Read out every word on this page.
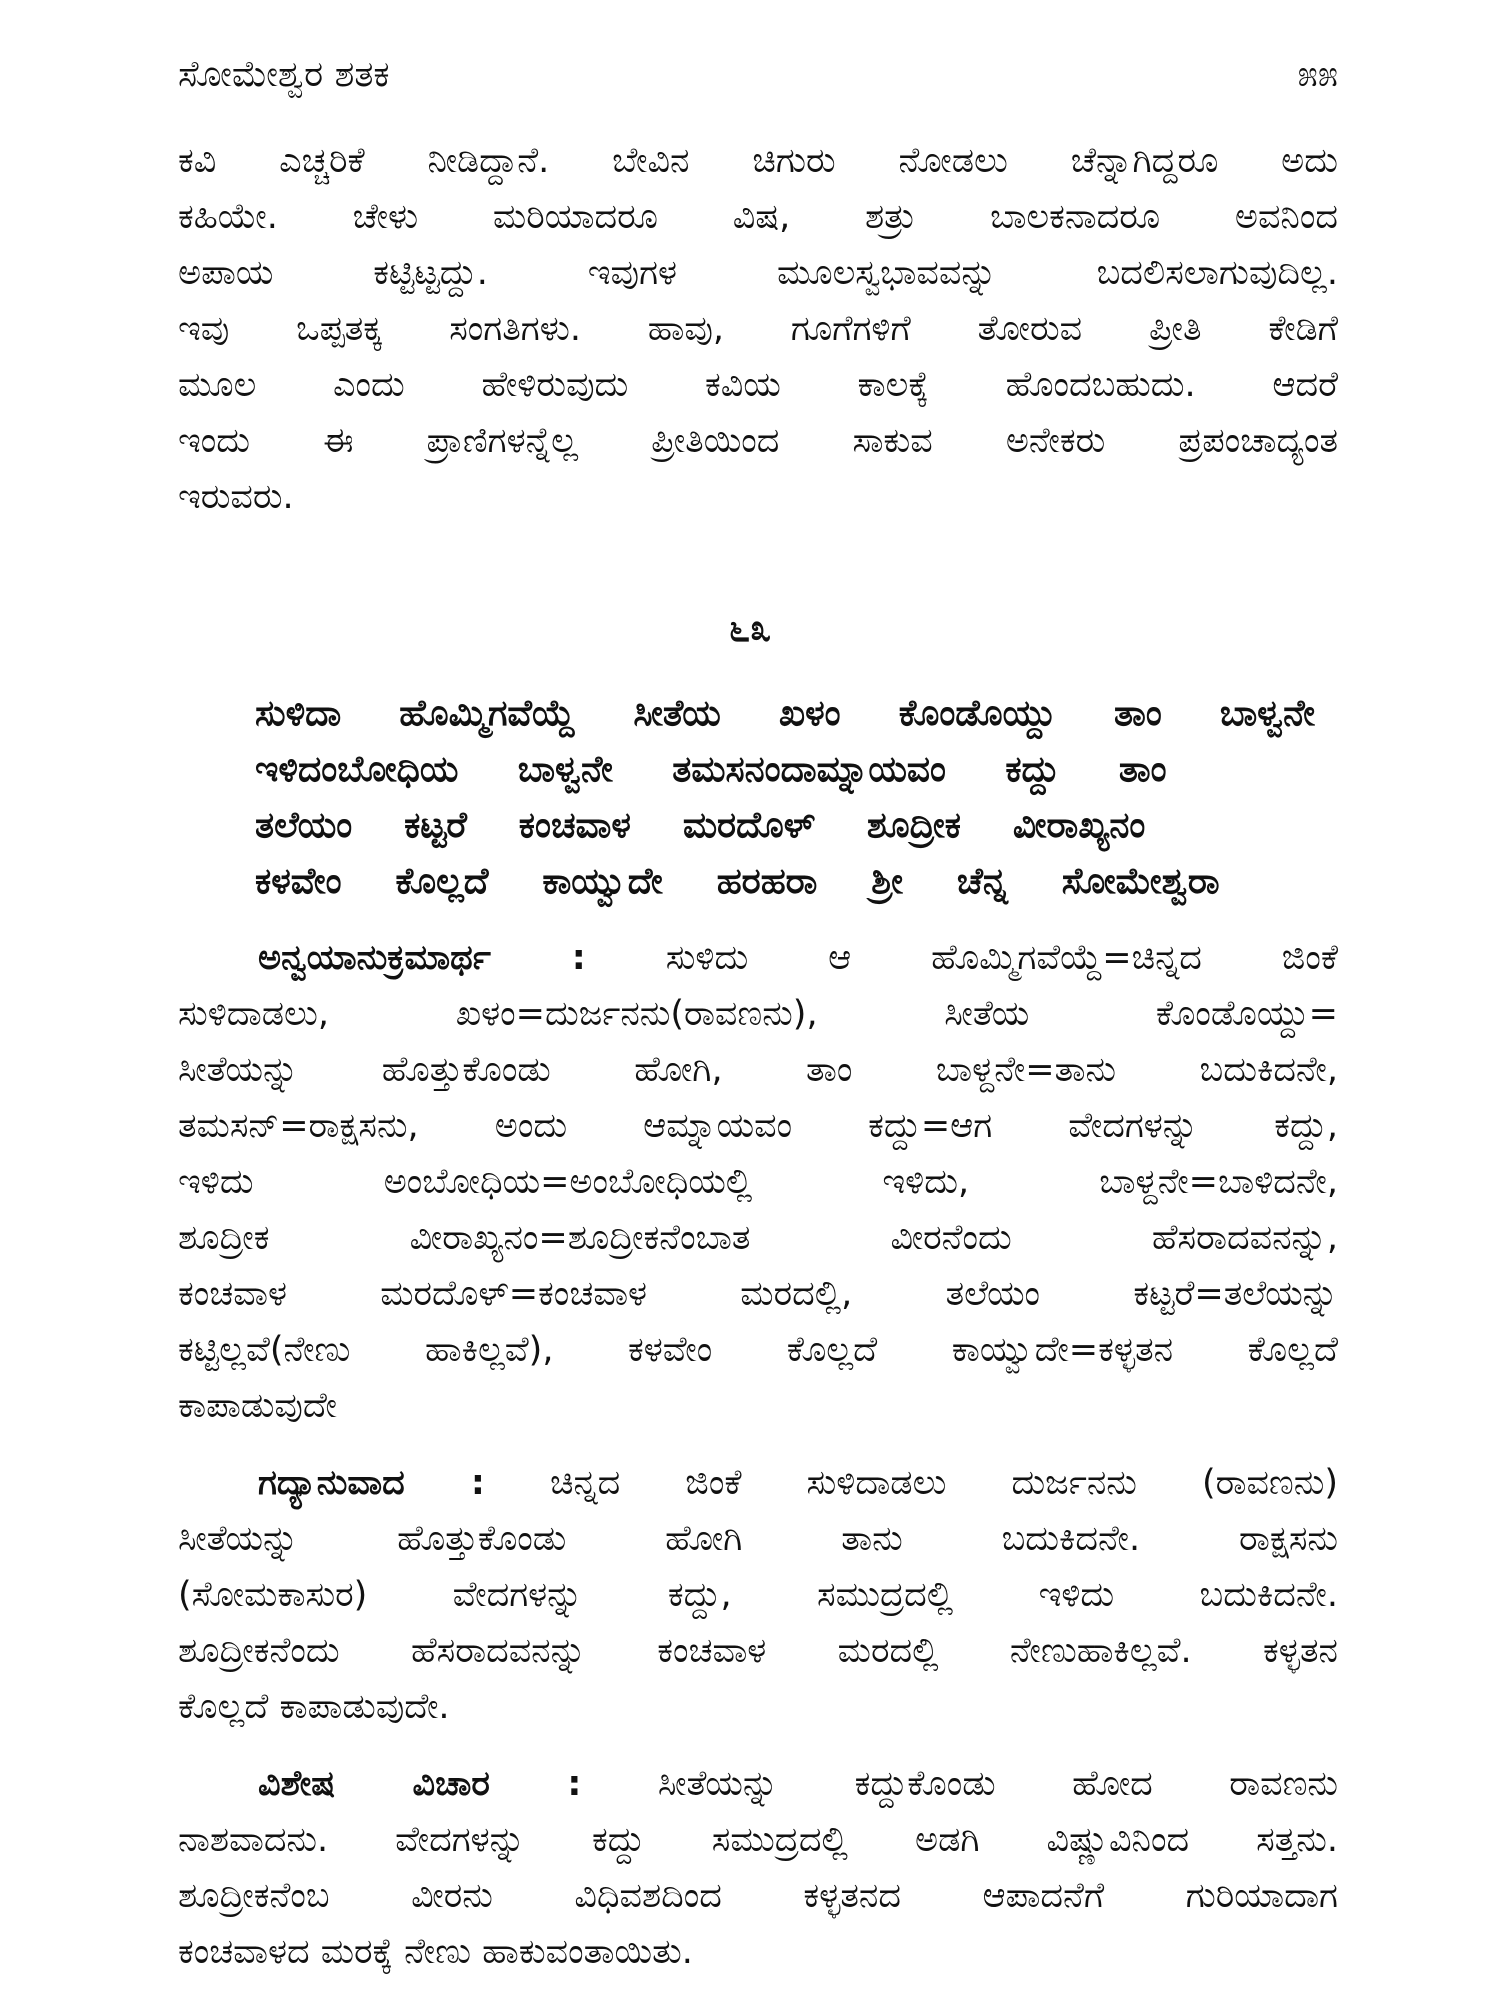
ಸೋಮೇಶ್ವರ ಶತಕ	೫೫
ಕವಿ ಎಚ್ಚರಿಕೆ ನೀಡಿದ್ದಾನೆ. ಬೇವಿನ ಚಿಗುರು ನೋಡಲು ಚೆನ್ನಾಗಿದ್ದರೂ ಅದು
ಕಹಿಯೇ. ಚೇಳು ಮರಿಯಾದರೂ ವಿಷ, ಶತ್ರು ಬಾಲಕನಾದರೂ ಅವನಿಂದ
ಅಪಾಯ ಕಟ್ಟಿಟ್ಟದ್ದು. ಇವುಗಳ ಮೂಲಸ್ವಭಾವವನ್ನು ಬದಲಿಸಲಾಗುವುದಿಲ್ಲ.
ಇವು ಒಪ್ಪತಕ್ಕ ಸಂಗತಿಗಳು. ಹಾವು, ಗೂಗೆಗಳಿಗೆ ತೋರುವ ಪ್ರೀತಿ ಕೇಡಿಗೆ
ಮೂಲ ಎಂದು ಹೇಳಿರುವುದು ಕವಿಯ ಕಾಲಕ್ಕೆ ಹೊಂದಬಹುದು. ಆದರೆ
ಇಂದು ಈ ಪ್ರಾಣಿಗಳನ್ನೆಲ್ಲ ಪ್ರೀತಿಯಿಂದ ಸಾಕುವ ಅನೇಕರು ಪ್ರಪಂಚಾದ್ಯಂತ
ಇರುವರು.
೬೩
ಸುಳಿದಾ ಹೊಮ್ಮಿಗವೆಯ್ದೆ ಸೀತೆಯ ಖಳಂ ಕೊಂಡೊಯ್ದು ತಾಂ ಬಾಳ್ವನೇ
ಇಳಿದಂಬೋಧಿಯ ಬಾಳ್ವನೇ ತಮಸನಂದಾಮ್ನಾಯವಂ ಕದ್ದು ತಾಂ
ತಲೆಯಂ ಕಟ್ಟರೆ ಕಂಚವಾಳ ಮರದೊಳ್ ಶೂದ್ರೀಕ ವೀರಾಖ್ಯನಂ
ಕಳವೇಂ ಕೊಲ್ಲದೆ ಕಾಯ್ವುದೇ ಹರಹರಾ ಶ್ರೀ ಚೆನ್ನ ಸೋಮೇಶ್ವರಾ
ಅನ್ವಯಾನುಕ್ರಮಾರ್ಥ : ಸುಳಿದು ಆ ಹೊಮ್ಮಿಗವೆಯ್ದೆ=ಚಿನ್ನದ ಜಿಂಕೆ
ಸುಳಿದಾಡಲು, ಖಳಂ=ದುರ್ಜನನು(ರಾವಣನು), ಸೀತೆಯ ಕೊಂಡೊಯ್ದು=
ಸೀತೆಯನ್ನು ಹೊತ್ತುಕೊಂಡು ಹೋಗಿ, ತಾಂ ಬಾಳ್ದನೇ=ತಾನು ಬದುಕಿದನೇ,
ತಮಸನ್=ರಾಕ್ಷಸನು, ಅಂದು ಆಮ್ನಾಯವಂ ಕದ್ದು=ಆಗ ವೇದಗಳನ್ನು ಕದ್ದು,
ಇಳಿದು ಅಂಬೋಧಿಯ=ಅಂಬೋಧಿಯಲ್ಲಿ ಇಳಿದು, ಬಾಳ್ದನೇ=ಬಾಳಿದನೇ,
ಶೂದ್ರೀಕ ವೀರಾಖ್ಯನಂ=ಶೂದ್ರೀಕನೆಂಬಾತ ವೀರನೆಂದು ಹೆಸರಾದವನನ್ನು,
ಕಂಚವಾಳ ಮರದೊಳ್=ಕಂಚವಾಳ ಮರದಲ್ಲಿ, ತಲೆಯಂ ಕಟ್ಟರೆ=ತಲೆಯನ್ನು
ಕಟ್ಟಿಲ್ಲವೆ(ನೇಣು ಹಾಕಿಲ್ಲವೆ), ಕಳವೇಂ ಕೊಲ್ಲದೆ ಕಾಯ್ವುದೇ=ಕಳ್ಳತನ ಕೊಲ್ಲದೆ
ಕಾಪಾಡುವುದೇ
ಗದ್ಯಾನುವಾದ : ಚಿನ್ನದ ಜಿಂಕೆ ಸುಳಿದಾಡಲು ದುರ್ಜನನು (ರಾವಣನು)
ಸೀತೆಯನ್ನು ಹೊತ್ತುಕೊಂಡು ಹೋಗಿ ತಾನು ಬದುಕಿದನೇ. ರಾಕ್ಷಸನು
(ಸೋಮಕಾಸುರ) ವೇದಗಳನ್ನು ಕದ್ದು, ಸಮುದ್ರದಲ್ಲಿ ಇಳಿದು ಬದುಕಿದನೇ.
ಶೂದ್ರೀಕನೆಂದು ಹೆಸರಾದವನನ್ನು ಕಂಚವಾಳ ಮರದಲ್ಲಿ ನೇಣುಹಾಕಿಲ್ಲವೆ. ಕಳ್ಳತನ
ಕೊಲ್ಲದೆ ಕಾಪಾಡುವುದೇ.
ವಿಶೇಷ ವಿಚಾರ : ಸೀತೆಯನ್ನು ಕದ್ದುಕೊಂಡು ಹೋದ ರಾವಣನು
ನಾಶವಾದನು. ವೇದಗಳನ್ನು ಕದ್ದು ಸಮುದ್ರದಲ್ಲಿ ಅಡಗಿ ವಿಷ್ಣುವಿನಿಂದ ಸತ್ತನು.
ಶೂದ್ರೀಕನೆಂಬ ವೀರನು ವಿಧಿವಶದಿಂದ ಕಳ್ಳತನದ ಆಪಾದನೆಗೆ ಗುರಿಯಾದಾಗ
ಕಂಚವಾಳದ ಮರಕ್ಕೆ ನೇಣು ಹಾಕುವಂತಾಯಿತು.
